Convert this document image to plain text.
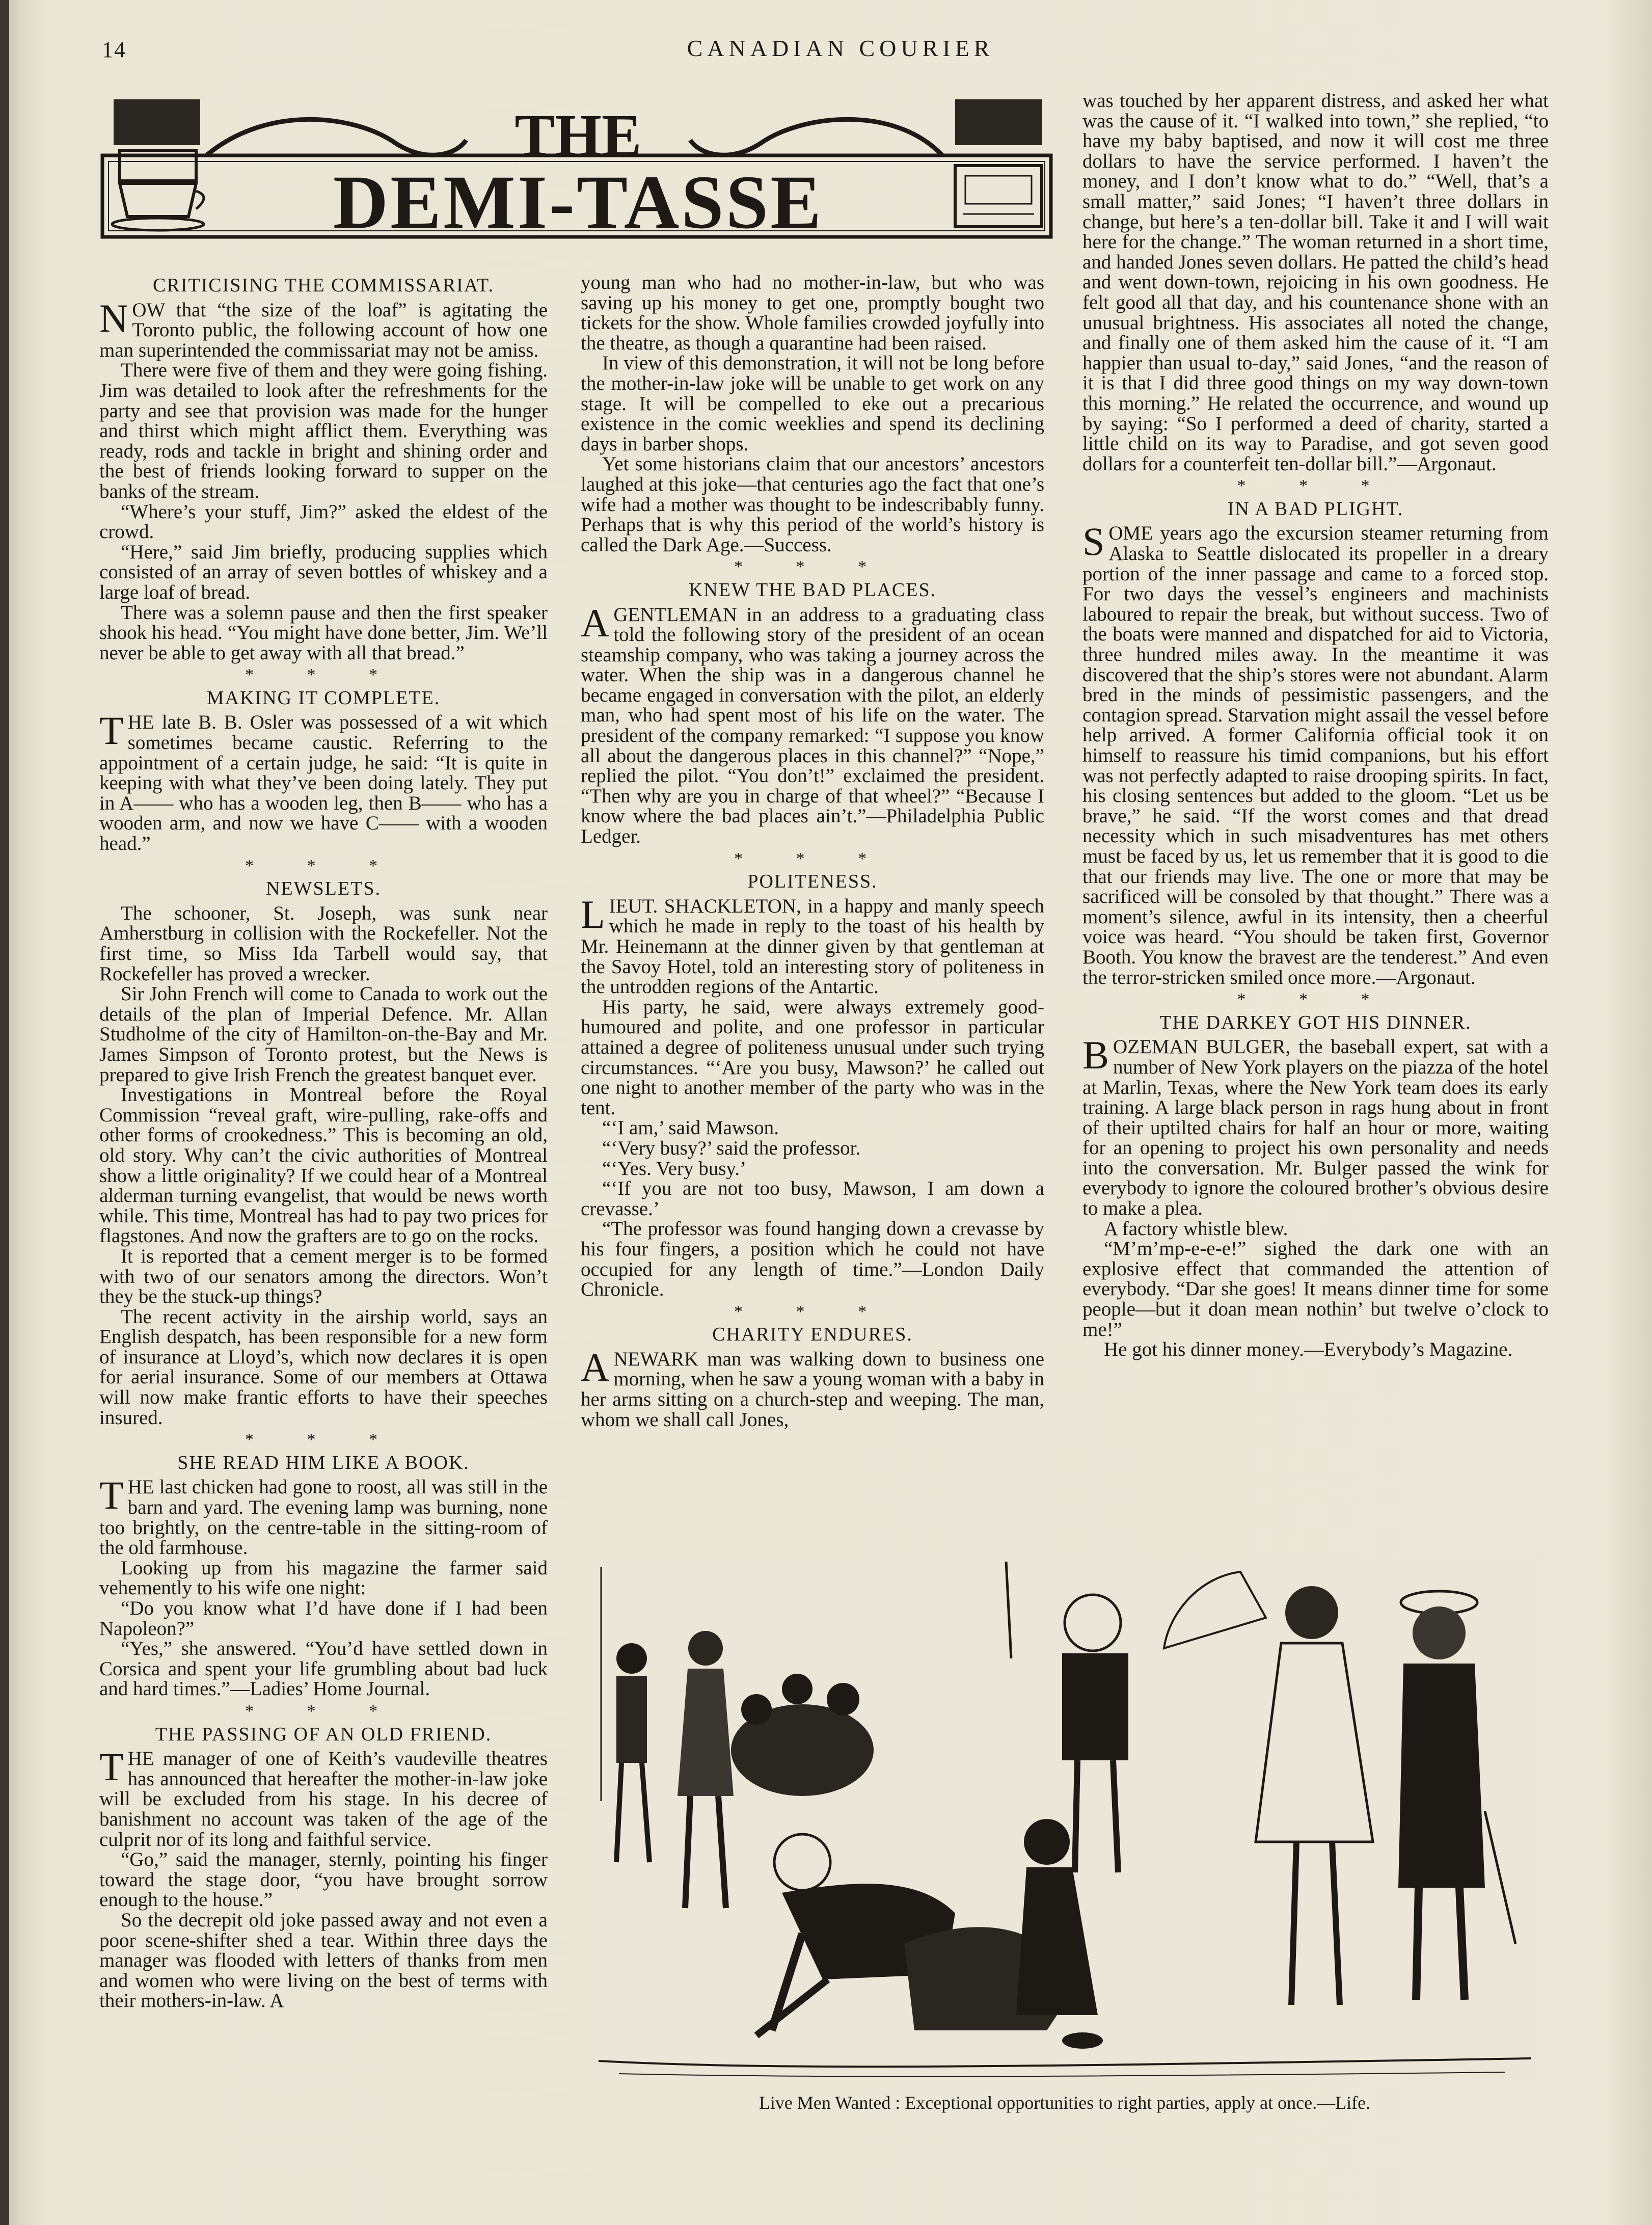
14	CANADIAN COURIER
THE
DEMI-TASSE
CRITICISING THE COMMISSARIAT.

NOW that “the size of the loaf” is agitating the Toronto public, the following account of how one man superintended the commissariat may not be amiss.

There were five of them and they were going fishing. Jim was detailed to look after the refreshments for the party and see that provision was made for the hunger and thirst which might afflict them. Everything was ready, rods and tackle in bright and shining order and the best of friends looking forward to supper on the banks of the stream.

“Where’s your stuff, Jim?” asked the eldest of the crowd.

“Here,” said Jim briefly, producing supplies which consisted of an array of seven bottles of whiskey and a large loaf of bread.

There was a solemn pause and then the first speaker shook his head. “You might have done better, Jim. We’ll never be able to get away with all that bread.”

* * *
MAKING IT COMPLETE.

THE late B. B. Osler was possessed of a wit which sometimes became caustic. Referring to the appointment of a certain judge, he said: “It is quite in keeping with what they’ve been doing lately. They put in A—— who has a wooden leg, then B—— who has a wooden arm, and now we have C—— with a wooden head.”

* * *
NEWSLETS.

The schooner, St. Joseph, was sunk near Amherstburg in collision with the Rockefeller. Not the first time, so Miss Ida Tarbell would say, that Rockefeller has proved a wrecker.

Sir John French will come to Canada to work out the details of the plan of Imperial Defence. Mr. Allan Studholme of the city of Hamilton-on-the-Bay and Mr. James Simpson of Toronto protest, but the News is prepared to give Irish French the greatest banquet ever.

Investigations in Montreal before the Royal Commission “reveal graft, wire-pulling, rake-offs and other forms of crookedness.” This is becoming an old, old story. Why can’t the civic authorities of Montreal show a little originality? If we could hear of a Montreal alderman turning evangelist, that would be news worth while. This time, Montreal has had to pay two prices for flagstones. And now the grafters are to go on the rocks.

It is reported that a cement merger is to be formed with two of our senators among the directors. Won’t they be the stuck-up things?

The recent activity in the airship world, says an English despatch, has been responsible for a new form of insurance at Lloyd’s, which now declares it is open for aerial insurance. Some of our members at Ottawa will now make frantic efforts to have their speeches insured.

* * *
SHE READ HIM LIKE A BOOK.

THE last chicken had gone to roost, all was still in the barn and yard. The evening lamp was burning, none too brightly, on the centre-table in the sitting-room of the old farmhouse.

Looking up from his magazine the farmer said vehemently to his wife one night:

“Do you know what I’d have done if I had been Napoleon?”

“Yes,” she answered. “You’d have settled down in Corsica and spent your life grumbling about bad luck and hard times.”—Ladies’ Home Journal.

* * *
THE PASSING OF AN OLD FRIEND.

THE manager of one of Keith’s vaudeville theatres has announced that hereafter the mother-in-law joke will be excluded from his stage. In his decree of banishment no account was taken of the age of the culprit nor of its long and faithful service.

“Go,” said the manager, sternly, pointing his finger toward the stage door, “you have brought sorrow enough to the house.”

So the decrepit old joke passed away and not even a poor scene-shifter shed a tear. Within three days the manager was flooded with letters of thanks from men and women who were living on the best of terms with their mothers-in-law. A

young man who had no mother-in-law, but who was saving up his money to get one, promptly bought two tickets for the show. Whole families crowded joyfully into the theatre, as though a quarantine had been raised.

In view of this demonstration, it will not be long before the mother-in-law joke will be unable to get work on any stage. It will be compelled to eke out a precarious existence in the comic weeklies and spend its declining days in barber shops.

Yet some historians claim that our ancestors’ ancestors laughed at this joke—that centuries ago the fact that one’s wife had a mother was thought to be indescribably funny. Perhaps that is why this period of the world’s history is called the Dark Age.—Success.

* * *
KNEW THE BAD PLACES.

AGENTLEMAN in an address to a graduating class told the following story of the president of an ocean steamship company, who was taking a journey across the water. When the ship was in a dangerous channel he became engaged in conversation with the pilot, an elderly man, who had spent most of his life on the water. The president of the company remarked: “I suppose you know all about the dangerous places in this channel?” “Nope,” replied the pilot. “You don’t!” exclaimed the president. “Then why are you in charge of that wheel?” “Because I know where the bad places ain’t.”—Philadelphia Public Ledger.

* * *
POLITENESS.

LIEUT. SHACKLETON, in a happy and manly speech which he made in reply to the toast of his health by Mr. Heinemann at the dinner given by that gentleman at the Savoy Hotel, told an interesting story of politeness in the untrodden regions of the Antartic.

His party, he said, were always extremely good-humoured and polite, and one professor in particular attained a degree of politeness unusual under such trying circumstances. “‘Are you busy, Mawson?’ he called out one night to another member of the party who was in the tent.

“‘I am,’ said Mawson.

“‘Very busy?’ said the professor.

“‘Yes. Very busy.’

“‘If you are not too busy, Mawson, I am down a crevasse.’

“The professor was found hanging down a crevasse by his four fingers, a position which he could not have occupied for any length of time.”—London Daily Chronicle.

* * *
CHARITY ENDURES.

ANEWARK man was walking down to business one morning, when he saw a young woman with a baby in her arms sitting on a church-step and weeping. The man, whom we shall call Jones,

was touched by her apparent distress, and asked her what was the cause of it. “I walked into town,” she replied, “to have my baby baptised, and now it will cost me three dollars to have the service performed. I haven’t the money, and I don’t know what to do.” “Well, that’s a small matter,” said Jones; “I haven’t three dollars in change, but here’s a ten-dollar bill. Take it and I will wait here for the change.” The woman returned in a short time, and handed Jones seven dollars. He patted the child’s head and went down-town, rejoicing in his own goodness. He felt good all that day, and his countenance shone with an unusual brightness. His associates all noted the change, and finally one of them asked him the cause of it. “I am happier than usual to-day,” said Jones, “and the reason of it is that I did three good things on my way down-town this morning.” He related the occurrence, and wound up by saying: “So I performed a deed of charity, started a little child on its way to Paradise, and got seven good dollars for a counterfeit ten-dollar bill.”—Argonaut.

* * *
IN A BAD PLIGHT.

SOME years ago the excursion steamer returning from Alaska to Seattle dislocated its propeller in a dreary portion of the inner passage and came to a forced stop. For two days the vessel’s engineers and machinists laboured to repair the break, but without success. Two of the boats were manned and dispatched for aid to Victoria, three hundred miles away. In the meantime it was discovered that the ship’s stores were not abundant. Alarm bred in the minds of pessimistic passengers, and the contagion spread. Starvation might assail the vessel before help arrived. A former California official took it on himself to reassure his timid companions, but his effort was not perfectly adapted to raise drooping spirits. In fact, his closing sentences but added to the gloom. “Let us be brave,” he said. “If the worst comes and that dread necessity which in such misadventures has met others must be faced by us, let us remember that it is good to die that our friends may live. The one or more that may be sacrificed will be consoled by that thought.” There was a moment’s silence, awful in its intensity, then a cheerful voice was heard. “You should be taken first, Governor Booth. You know the bravest are the tenderest.” And even the terror-stricken smiled once more.—Argonaut.

* * *
THE DARKEY GOT HIS DINNER.

BOZEMAN BULGER, the baseball expert, sat with a number of New York players on the piazza of the hotel at Marlin, Texas, where the New York team does its early training. A large black person in rags hung about in front of their uptilted chairs for half an hour or more, waiting for an opening to project his own personality and needs into the conversation. Mr. Bulger passed the wink for everybody to ignore the coloured brother’s obvious desire to make a plea.

A factory whistle blew.

“M’m’mp-e-e-e!” sighed the dark one with an explosive effect that commanded the attention of everybody. “Dar she goes! It means dinner time for some people—but it doan mean nothin’ but twelve o’clock to me!”

He got his dinner money.—Everybody’s Magazine.

Live Men Wanted : Exceptional opportunities to right parties, apply at once.—Life.
